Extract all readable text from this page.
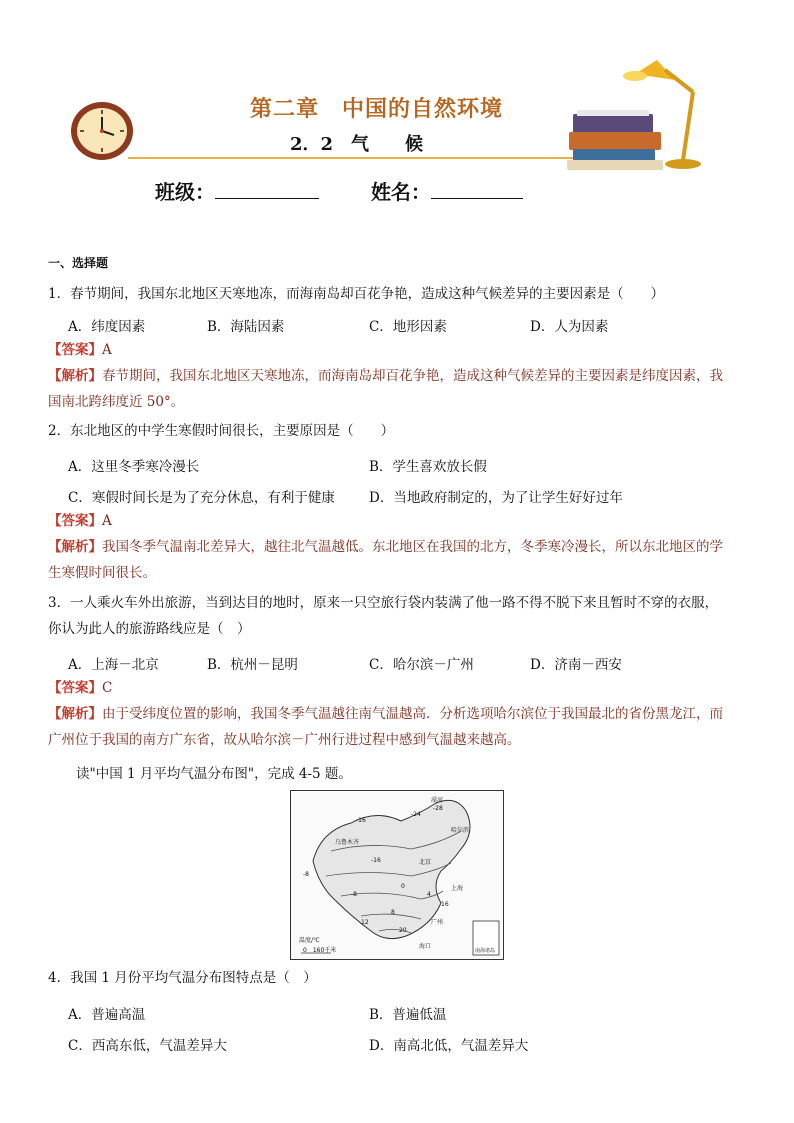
第二章　中国的自然环境
2．2　气　　候
班级：	姓名：
一、选择题
1．春节期间，我国东北地区天寒地冻，而海南岛却百花争艳，造成这种气候差异的主要因素是（　　）
A．纬度因素	B．海陆因素	C．地形因素	D．人为因素
【答案】A
【解析】春节期间，我国东北地区天寒地冻，而海南岛却百花争艳，造成这种气候差异的主要因素是纬度因素，我
国南北跨纬度近 50°。
2．东北地区的中学生寒假时间很长，主要原因是（　　）
A．这里冬季寒冷漫长	B．学生喜欢放长假
C．寒假时间长是为了充分休息，有利于健康	D．当地政府制定的，为了让学生好好过年
【答案】A
【解析】我国冬季气温南北差异大，越往北气温越低。东北地区在我国的北方，冬季寒冷漫长，所以东北地区的学
生寒假时间很长。
3．一人乘火车外出旅游，当到达目的地时，原来一只空旅行袋内装满了他一路不得不脱下来且暂时不穿的衣服，
你认为此人的旅游路线应是（　）
A．上海－北京	B．杭州－昆明	C．哈尔滨－广州	D．济南－西安
【答案】C
【解析】由于受纬度位置的影响，我国冬季气温越往南气温越高．分析选项哈尔滨位于我国最北的省份黑龙江，而
广州位于我国的南方广东省，故从哈尔滨－广州行进过程中感到气温越来越高。
读"中国 1 月平均气温分布图"，完成 4-5 题。
漠河
-28
-24
哈尔滨
-16
乌鲁木齐
-8
-16	北京
0
-8	4
上海
8
广州
12
16
20
海口
温度/℃
0　160千米	南海诸岛
4．我国 1 月份平均气温分布图特点是（　）
A．普遍高温	B．普遍低温
C．西高东低，气温差异大	D．南高北低，气温差异大
